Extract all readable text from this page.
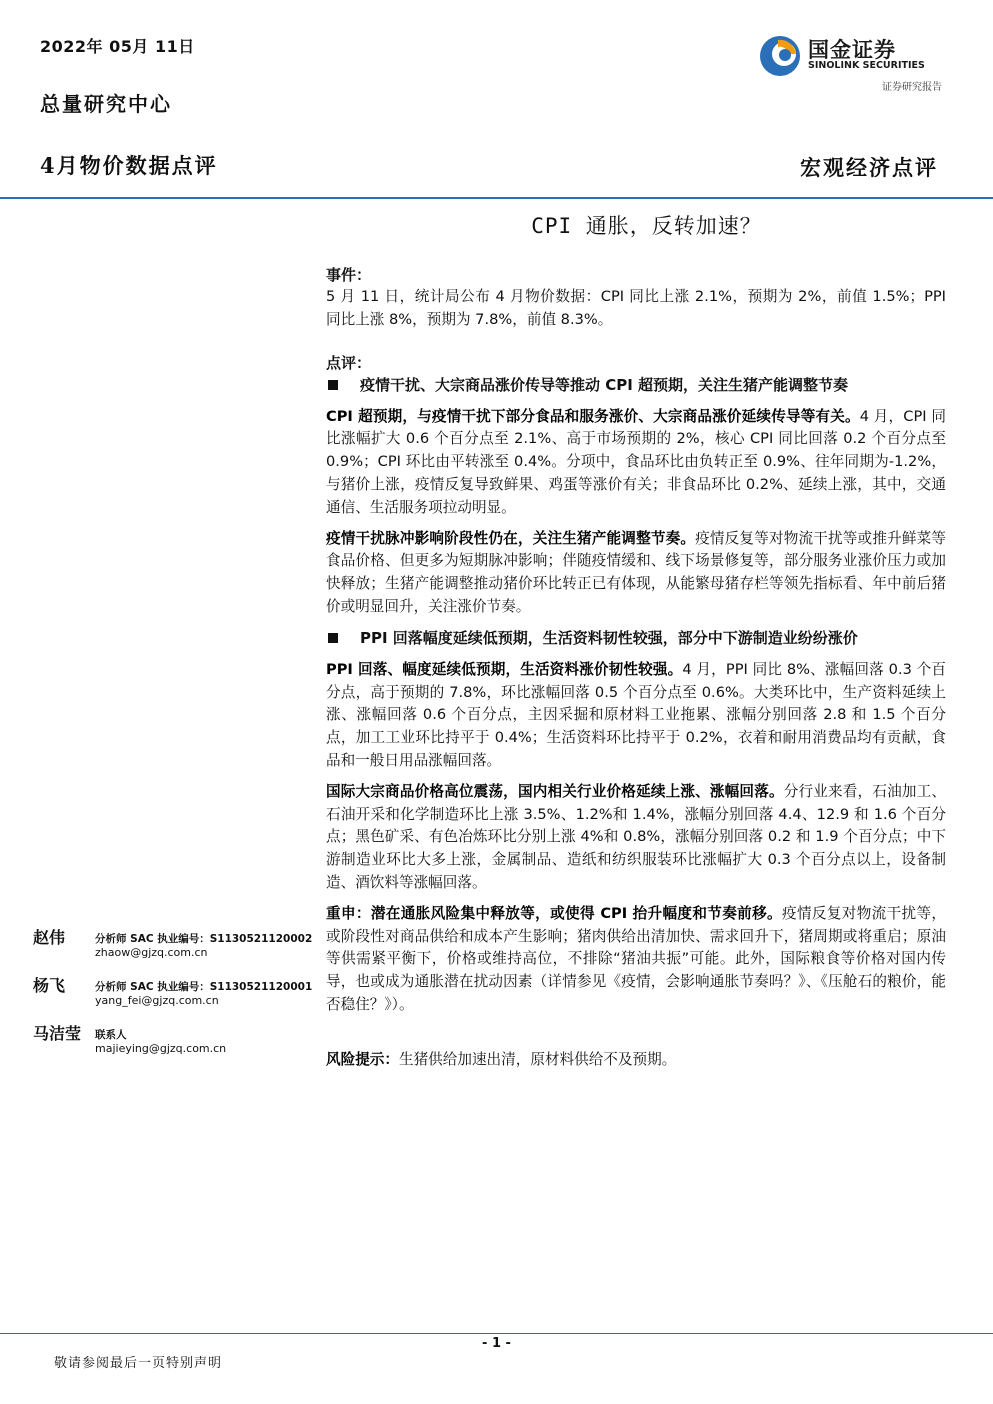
2022年 05月 11日
总量研究中心
4月物价数据点评	宏观经济点评
国金证券
SINOLINK SECURITIES
证券研究报告
CPI 通胀，反转加速？

事件：

5 月 11 日，统计局公布 4 月物价数据：CPI 同比上涨 2.1%，预期为 2%，前值 1.5%；PPI 同比上涨 8%，预期为 7.8%，前值 8.3%。

点评：

疫情干扰、大宗商品涨价传导等推动 CPI 超预期，关注生猪产能调整节奏

CPI 超预期，与疫情干扰下部分食品和服务涨价、大宗商品涨价延续传导等有关。4 月，CPI 同比涨幅扩大 0.6 个百分点至 2.1%、高于市场预期的 2%，核心 CPI 同比回落 0.2 个百分点至 0.9%；CPI 环比由平转涨至 0.4%。分项中，食品环比由负转正至 0.9%、往年同期为-1.2%，与猪价上涨，疫情反复导致鲜果、鸡蛋等涨价有关；非食品环比 0.2%、延续上涨，其中，交通通信、生活服务项拉动明显。

疫情干扰脉冲影响阶段性仍在，关注生猪产能调整节奏。疫情反复等对物流干扰等或推升鲜菜等食品价格、但更多为短期脉冲影响；伴随疫情缓和、线下场景修复等，部分服务业涨价压力或加快释放；生猪产能调整推动猪价环比转正已有体现，从能繁母猪存栏等领先指标看、年中前后猪价或明显回升，关注涨价节奏。

PPI 回落幅度延续低预期，生活资料韧性较强，部分中下游制造业纷纷涨价

PPI 回落、幅度延续低预期，生活资料涨价韧性较强。4 月，PPI 同比 8%、涨幅回落 0.3 个百分点，高于预期的 7.8%，环比涨幅回落 0.5 个百分点至 0.6%。大类环比中，生产资料延续上涨、涨幅回落 0.6 个百分点，主因采掘和原材料工业拖累、涨幅分别回落 2.8 和 1.5 个百分点，加工工业环比持平于 0.4%；生活资料环比持平于 0.2%，衣着和耐用消费品均有贡献，食品和一般日用品涨幅回落。

国际大宗商品价格高位震荡，国内相关行业价格延续上涨、涨幅回落。分行业来看，石油加工、石油开采和化学制造环比上涨 3.5%、1.2%和 1.4%，涨幅分别回落 4.4、12.9 和 1.6 个百分点；黑色矿采、有色冶炼环比分别上涨 4%和 0.8%，涨幅分别回落 0.2 和 1.9 个百分点；中下游制造业环比大多上涨，金属制品、造纸和纺织服装环比涨幅扩大 0.3 个百分点以上，设备制造、酒饮料等涨幅回落。

重申：潜在通胀风险集中释放等，或使得 CPI 抬升幅度和节奏前移。疫情反复对物流干扰等，或阶段性对商品供给和成本产生影响；猪肉供给出清加快、需求回升下，猪周期或将重启；原油等供需紧平衡下，价格或维持高位，不排除“猪油共振”可能。此外，国际粮食等价格对国内传导，也或成为通胀潜在扰动因素（详情参见《疫情，会影响通胀节奏吗？》、《压舱石的粮价，能否稳住？》）。

风险提示：生猪供给加速出清，原材料供给不及预期。

赵伟	分析师 SAC 执业编号：S1130521120002
zhaow@gjzq.com.cn
杨飞	分析师 SAC 执业编号：S1130521120001
yang_fei@gjzq.com.cn
马洁莹 联系人
majieying@gjzq.com.cn
- 1 -
敬请参阅最后一页特别声明
